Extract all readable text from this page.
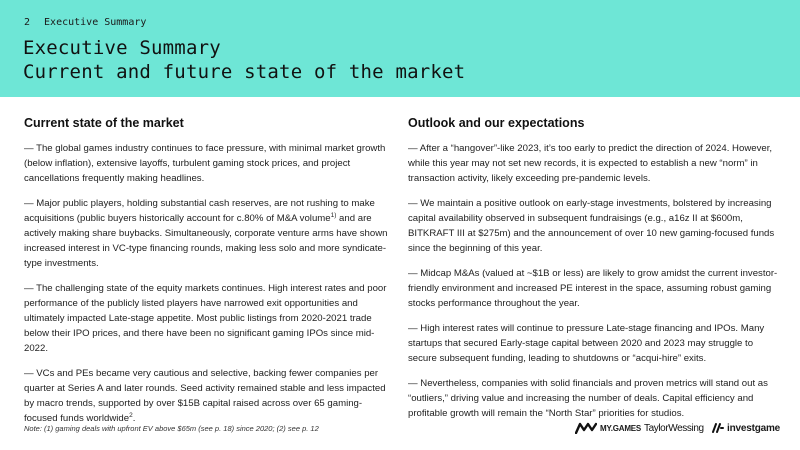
2 Executive Summary
Executive Summary
Current and future state of the market
Current state of the market

— The global games industry continues to face pressure, with minimal market growth (below inflation), extensive layoffs, turbulent gaming stock prices, and project cancellations frequently making headlines.

— Major public players, holding substantial cash reserves, are not rushing to make acquisitions (public buyers historically account for c.80% of M&A volume$^{1)}$ and are actively making share buybacks. Simultaneously, corporate venture arms have shown increased interest in VC-type financing rounds, making less solo and more syndicate-type investments.

— The challenging state of the equity markets continues. High interest rates and poor performance of the publicly listed players have narrowed exit opportunities and ultimately impacted Late-stage appetite. Most public listings from 2020-2021 trade below their IPO prices, and there have been no significant gaming IPOs since mid-2022.

— VCs and PEs became very cautious and selective, backing fewer companies per quarter at Series A and later rounds. Seed activity remained stable and less impacted by macro trends, supported by over $15B capital raised across over 65 gaming-focused funds worldwide$^2$.

Outlook and our expectations

— After a “hangover”-like 2023, it’s too early to predict the direction of 2024. However, while this year may not set new records, it is expected to establish a new “norm” in transaction activity, likely exceeding pre-pandemic levels.

— We maintain a positive outlook on early-stage investments, bolstered by increasing capital availability observed in subsequent fundraisings (e.g., a16z II at $600m, BITKRAFT III at $275m) and the announcement of over 10 new gaming-focused funds since the beginning of this year.

— Midcap M&As (valued at ~$1B or less) are likely to grow amidst the current investor-friendly environment and increased PE interest in the space, assuming robust gaming stocks performance throughout the year.

— High interest rates will continue to pressure Late-stage financing and IPOs. Many startups that secured Early-stage capital between 2020 and 2023 may struggle to secure subsequent funding, leading to shutdowns or “acqui-hire” exits.

— Nevertheless, companies with solid financials and proven metrics will stand out as “outliers,” driving value and increasing the number of deals. Capital efficiency and profitable growth will remain the “North Star” priorities for studios.

Note: (1) gaming deals with upfront EV above $65m (see p. 18) since 2020; (2) see p. 12	MY.GAMES TaylorWessing investgame
